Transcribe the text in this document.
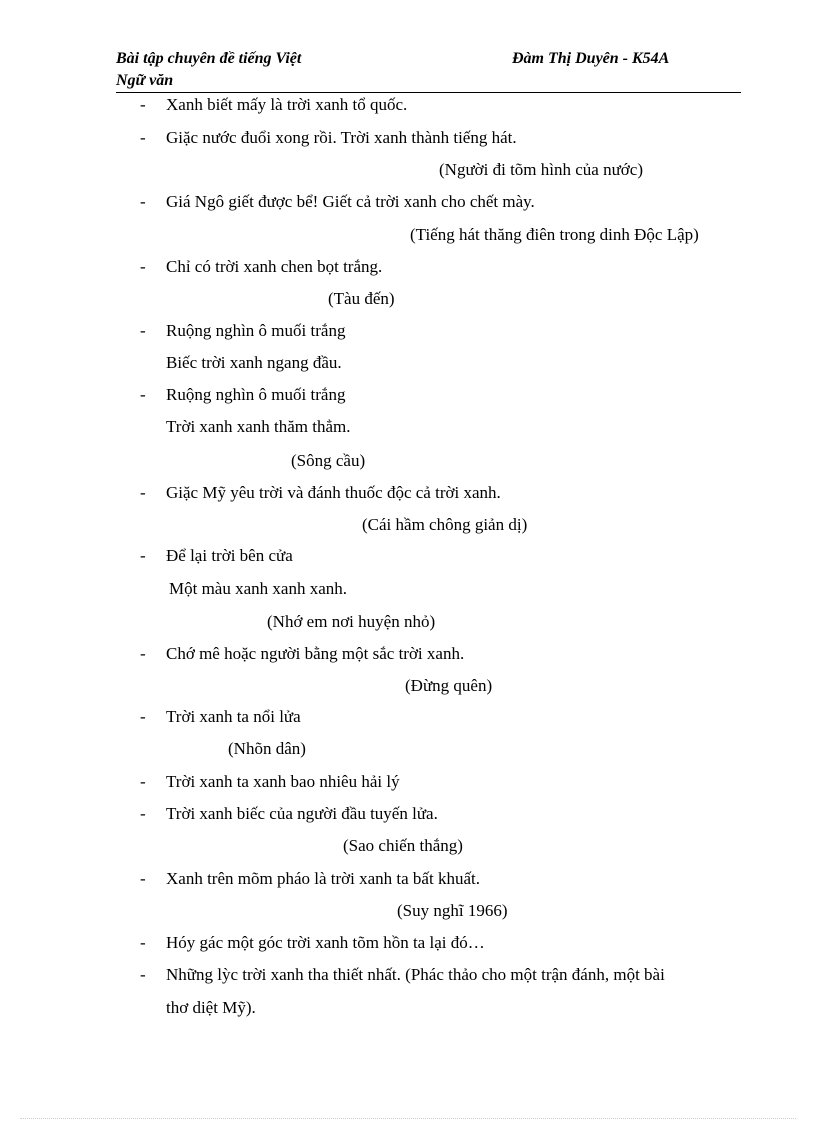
Bài tập chuyên đề tiếng Việt
Ngữ văn
Đàm Thị Duyên - K54A
- Xanh biết mấy là trời xanh tổ quốc.
- Giặc nước đuổi xong rồi. Trời xanh thành tiếng hát.
(Người đi tõm hình của nước)
- Giá Ngô giết được bể! Giết cả trời xanh cho chết mày.
(Tiếng hát thăng điên trong dinh Độc Lập)
- Chỉ có trời xanh chen bọt trắng.
(Tàu đến)
- Ruộng nghìn ô muối trắng
Biếc trời xanh ngang đầu.
- Ruộng nghìn ô muối trắng
Trời xanh xanh thăm thẳm.
(Sông cầu)
- Giặc Mỹ yêu trời và đánh thuốc độc cả trời xanh.
(Cái hầm chông giản dị)
- Để lại trời bên cửa
Một màu xanh xanh xanh.
(Nhớ em nơi huyện nhỏ)
- Chớ mê hoặc người bằng một sắc trời xanh.
(Đừng quên)
- Trời xanh ta nổi lửa
(Nhõn dân)
- Trời xanh ta xanh bao nhiêu hải lý
- Trời xanh biếc của người đầu tuyến lửa.
(Sao chiến thắng)
- Xanh trên mõm pháo là trời xanh ta bất khuất.
(Suy nghĩ 1966)
- Hóy gác một góc trời xanh tõm hồn ta lại đó…
- Những lỳc trời xanh tha thiết nhất. (Phác thảo cho một trận đánh, một bài
thơ diệt Mỹ).
